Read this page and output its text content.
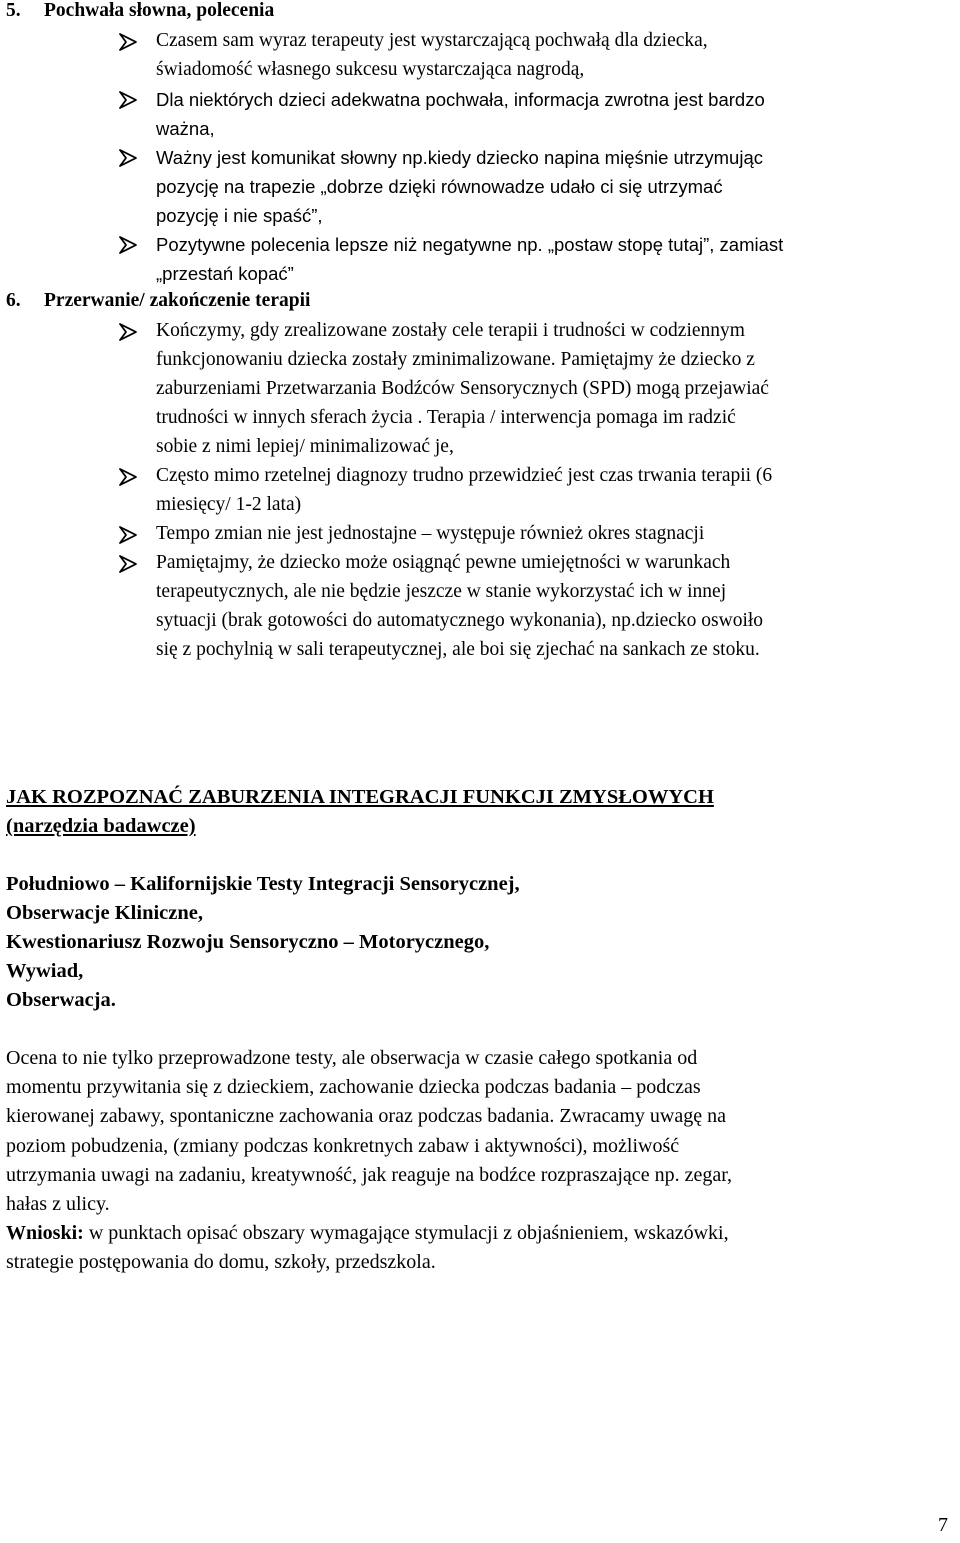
5. Pochwała słowna, polecenia
Czasem sam wyraz terapeuty jest wystarczającą pochwałą dla dziecka,
świadomość własnego sukcesu wystarczająca nagrodą,
Dla niektórych dzieci adekwatna pochwała, informacja zwrotna jest bardzo
ważna,
Ważny jest komunikat słowny np.kiedy dziecko napina mięśnie utrzymując
pozycję na trapezie „dobrze dzięki równowadze udało ci się utrzymać
pozycję i nie spaść”,
Pozytywne polecenia lepsze niż negatywne np. „postaw stopę tutaj”, zamiast
„przestań kopać”
6. Przerwanie/ zakończenie terapii
Kończymy, gdy zrealizowane zostały cele terapii i trudności w codziennym
funkcjonowaniu dziecka zostały zminimalizowane. Pamiętajmy że dziecko z
zaburzeniami Przetwarzania Bodźców Sensorycznych (SPD) mogą przejawiać
trudności w innych sferach życia . Terapia / interwencja pomaga im radzić
sobie z nimi lepiej/ minimalizować je,
Często mimo rzetelnej diagnozy trudno przewidzieć jest czas trwania terapii (6
miesięcy/ 1-2 lata)
Tempo zmian nie jest jednostajne – występuje również okres stagnacji
Pamiętajmy, że dziecko może osiągnąć pewne umiejętności w warunkach
terapeutycznych, ale nie będzie jeszcze w stanie wykorzystać ich w innej
sytuacji (brak gotowości do automatycznego wykonania), np.dziecko oswoiło
się z pochylnią w sali terapeutycznej, ale boi się zjechać na sankach ze stoku.
JAK ROZPOZNAĆ ZABURZENIA INTEGRACJI FUNKCJI ZMYSŁOWYCH
(narzędzia badawcze)
Południowo – Kalifornijskie Testy Integracji Sensorycznej,
Obserwacje Kliniczne,
Kwestionariusz Rozwoju Sensoryczno – Motorycznego,
Wywiad,
Obserwacja.
Ocena to nie tylko przeprowadzone testy, ale obserwacja w czasie całego spotkania od
momentu przywitania się z dzieckiem, zachowanie dziecka podczas badania – podczas
kierowanej zabawy, spontaniczne zachowania oraz podczas badania. Zwracamy uwagę na
poziom pobudzenia, (zmiany podczas konkretnych zabaw i aktywności), możliwość
utrzymania uwagi na zadaniu, kreatywność, jak reaguje na bodźce rozpraszające np. zegar,
hałas z ulicy.
Wnioski: w punktach opisać obszary wymagające stymulacji z objaśnieniem, wskazówki,
strategie postępowania do domu, szkoły, przedszkola.
7
